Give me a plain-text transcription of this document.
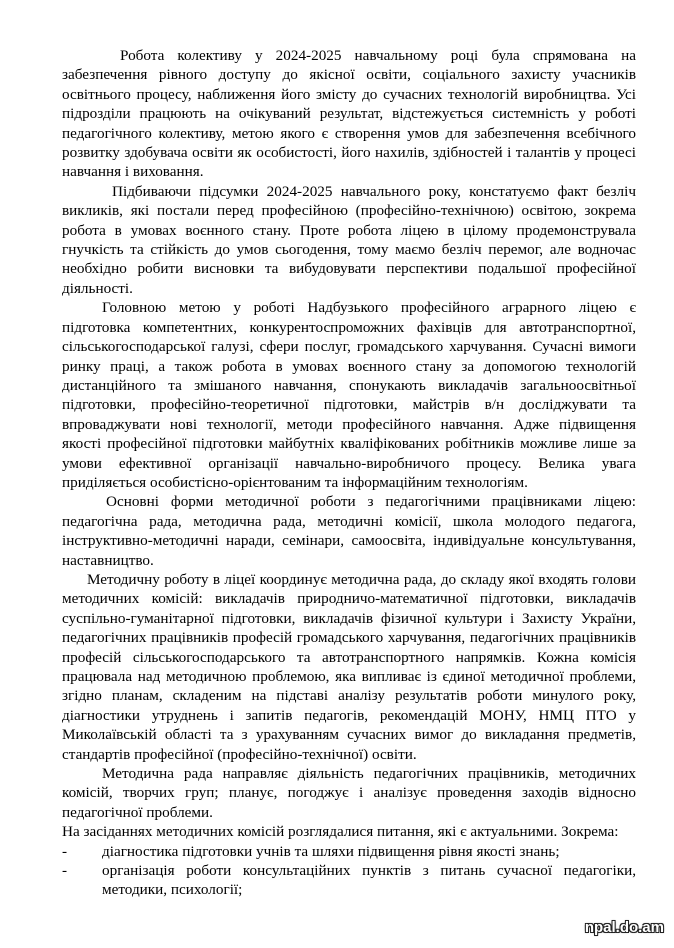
Робота колективу у 2024-2025 навчальному році була спрямована на забезпечення рівного доступу до якісної освіти, соціального захисту учасників освітнього процесу, наближення його змісту до сучасних технологій виробництва. Усі підрозділи працюють на очікуваний результат, відстежується системність у роботі педагогічного колективу, метою якого є створення умов для забезпечення всебічного розвитку здобувача освіти як особистості, його нахилів, здібностей і талантів у процесі навчання і виховання.

Підбиваючи підсумки 2024-2025 навчального року, констатуємо факт безліч викликів, які постали перед професійною (професійно-технічною) освітою, зокрема робота в умовах воєнного стану. Проте робота ліцею в цілому продемонструвала гнучкість та стійкість до умов сьогодення, тому маємо безліч перемог, але водночас необхідно робити висновки та вибудовувати перспективи подальшої професійної діяльності.

Головною метою у роботі Надбузького професійного аграрного ліцею є підготовка компетентних, конкурентоспроможних фахівців для автотранспортної, сільськогосподарської галузі, сфери послуг, громадського харчування. Сучасні вимоги ринку праці, а також робота в умовах воєнного стану за допомогою технологій дистанційного та змішаного навчання, спонукають викладачів загальноосвітньої підготовки, професійно-теоретичної підготовки, майстрів в/н досліджувати та впроваджувати нові технології, методи професійного навчання. Адже підвищення якості професійної підготовки майбутніх кваліфікованих робітників можливе лише за умови ефективної організації навчально-виробничого процесу. Велика увага приділяється особистісно-орієнтованим та інформаційним технологіям.

Основні форми методичної роботи з педагогічними працівниками ліцею: педагогічна рада, методична рада, методичні комісії, школа молодого педагога, інструктивно-методичні наради, семінари, самоосвіта, індивідуальне консультування, наставництво.

Методичну роботу в ліцеї координує методична рада, до складу якої входять голови методичних комісій: викладачів природничо-математичної підготовки, викладачів суспільно-гуманітарної підготовки, викладачів фізичної культури і Захисту України, педагогічних працівників професій громадського харчування, педагогічних працівників професій сільськогосподарського та автотранспортного напрямків. Кожна комісія працювала над методичною проблемою, яка випливає із єдиної методичної проблеми, згідно планам, складеним на підставі аналізу результатів роботи минулого року, діагностики утруднень і запитів педагогів, рекомендацій МОНУ, НМЦ ПТО у Миколаївській області та з урахуванням сучасних вимог до викладання предметів, стандартів професійної (професійно-технічної) освіти.

Методична рада направляє діяльність педагогічних працівників, методичних комісій, творчих груп; планує, погоджує і аналізує проведення заходів відносно педагогічної проблеми.

На засіданнях методичних комісій розглядалися питання, які є актуальними. Зокрема:

-	діагностика підготовки учнів та шляхи підвищення рівня якості знань;
-	організація роботи консультаційних пунктів з питань сучасної педагогіки, методики, психології;
npal.do.am
